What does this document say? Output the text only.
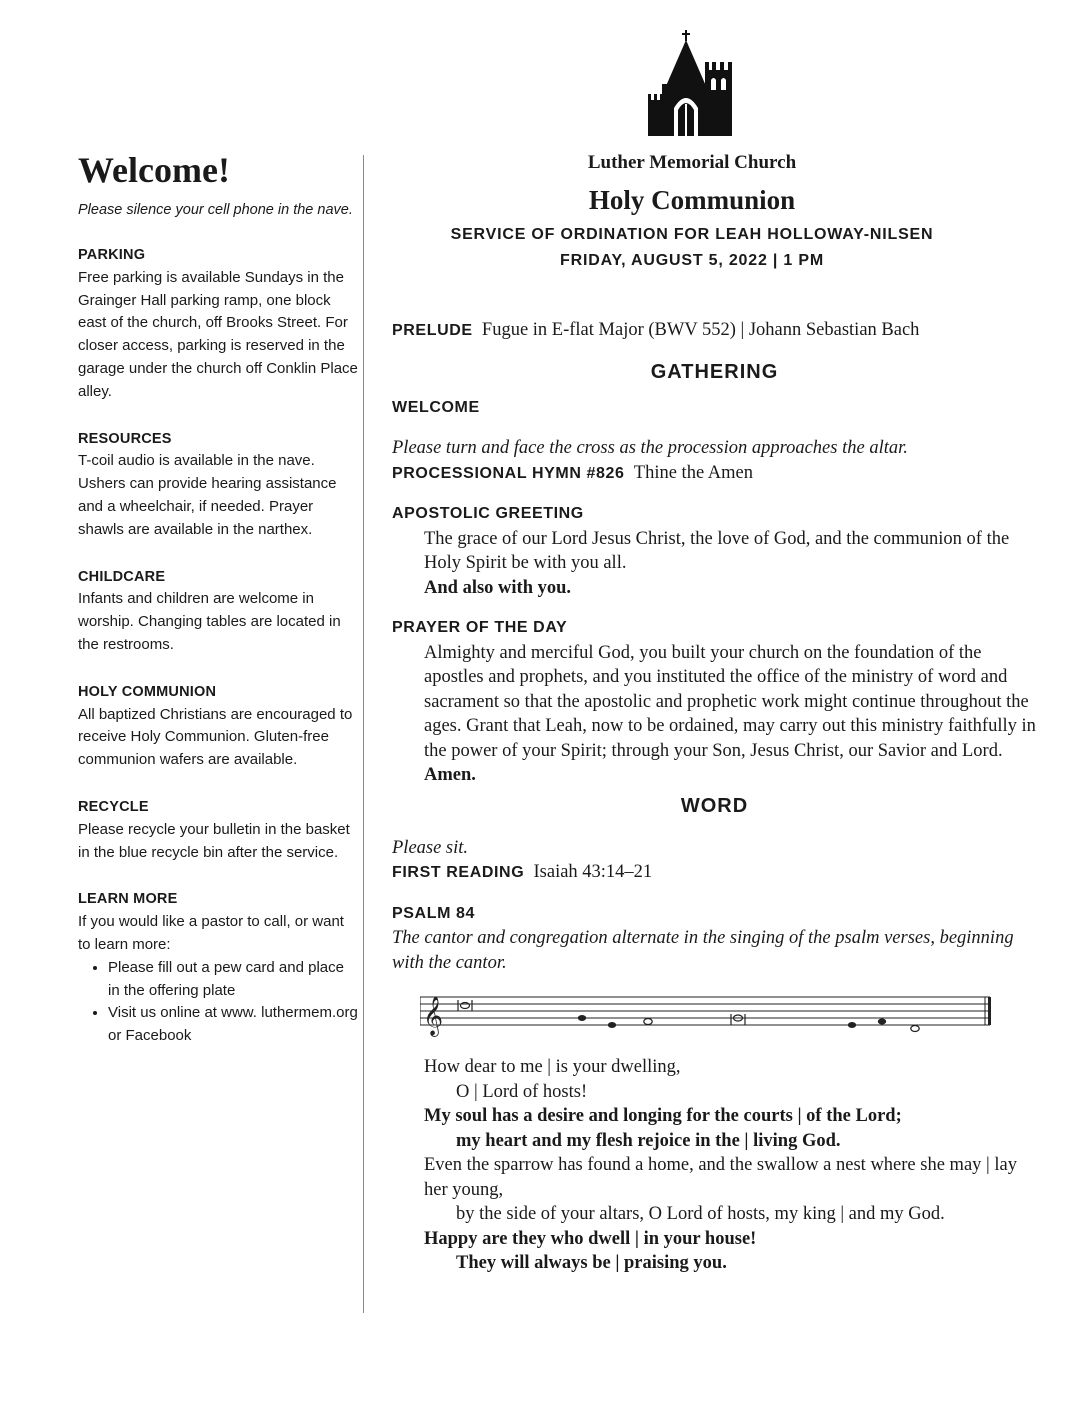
Welcome!
Please silence your cell phone in the nave.
PARKING
Free parking is available Sundays in the Grainger Hall parking ramp, one block east of the church, off Brooks Street. For closer access, parking is reserved in the garage under the church off Conklin Place alley.
RESOURCES
T-coil audio is available in the nave. Ushers can provide hearing assistance and a wheelchair, if needed. Prayer shawls are available in the narthex.
CHILDCARE
Infants and children are welcome in worship. Changing tables are located in the restrooms.
HOLY COMMUNION
All baptized Christians are encouraged to receive Holy Communion. Gluten-free communion wafers are available.
RECYCLE
Please recycle your bulletin in the basket in the blue recycle bin after the service.
LEARN MORE
If you would like a pastor to call, or want to learn more:
• Please fill out a pew card and place in the offering plate
• Visit us online at www. luthermem.org or Facebook
Luther Memorial Church
Holy Communion
SERVICE OF ORDINATION FOR LEAH HOLLOWAY-NILSEN
FRIDAY, AUGUST 5, 2022 | 1 PM
PRELUDE Fugue in E-flat Major (BWV 552) | Johann Sebastian Bach
GATHERING
WELCOME
Please turn and face the cross as the procession approaches the altar.
PROCESSIONAL HYMN #826 Thine the Amen
APOSTOLIC GREETING
The grace of our Lord Jesus Christ, the love of God, and the communion of the Holy Spirit be with you all.
And also with you.
PRAYER OF THE DAY
Almighty and merciful God, you built your church on the foundation of the apostles and prophets, and you instituted the office of the ministry of word and sacrament so that the apostolic and prophetic work might continue throughout the ages. Grant that Leah, now to be ordained, may carry out this ministry faithfully in the power of your Spirit; through your Son, Jesus Christ, our Savior and Lord.
Amen.
WORD
Please sit.
FIRST READING Isaiah 43:14–21
PSALM 84
The cantor and congregation alternate in the singing of the psalm verses, beginning with the cantor.
𝄞
How dear to me | is your dwelling,
O | Lord of hosts!
My soul has a desire and longing for the courts | of the Lord;
my heart and my flesh rejoice in the | living God.
Even the sparrow has found a home, and the swallow a nest where she may | lay her young,
by the side of your altars, O Lord of hosts, my king | and my God.
Happy are they who dwell | in your house!
They will always be | praising you.
